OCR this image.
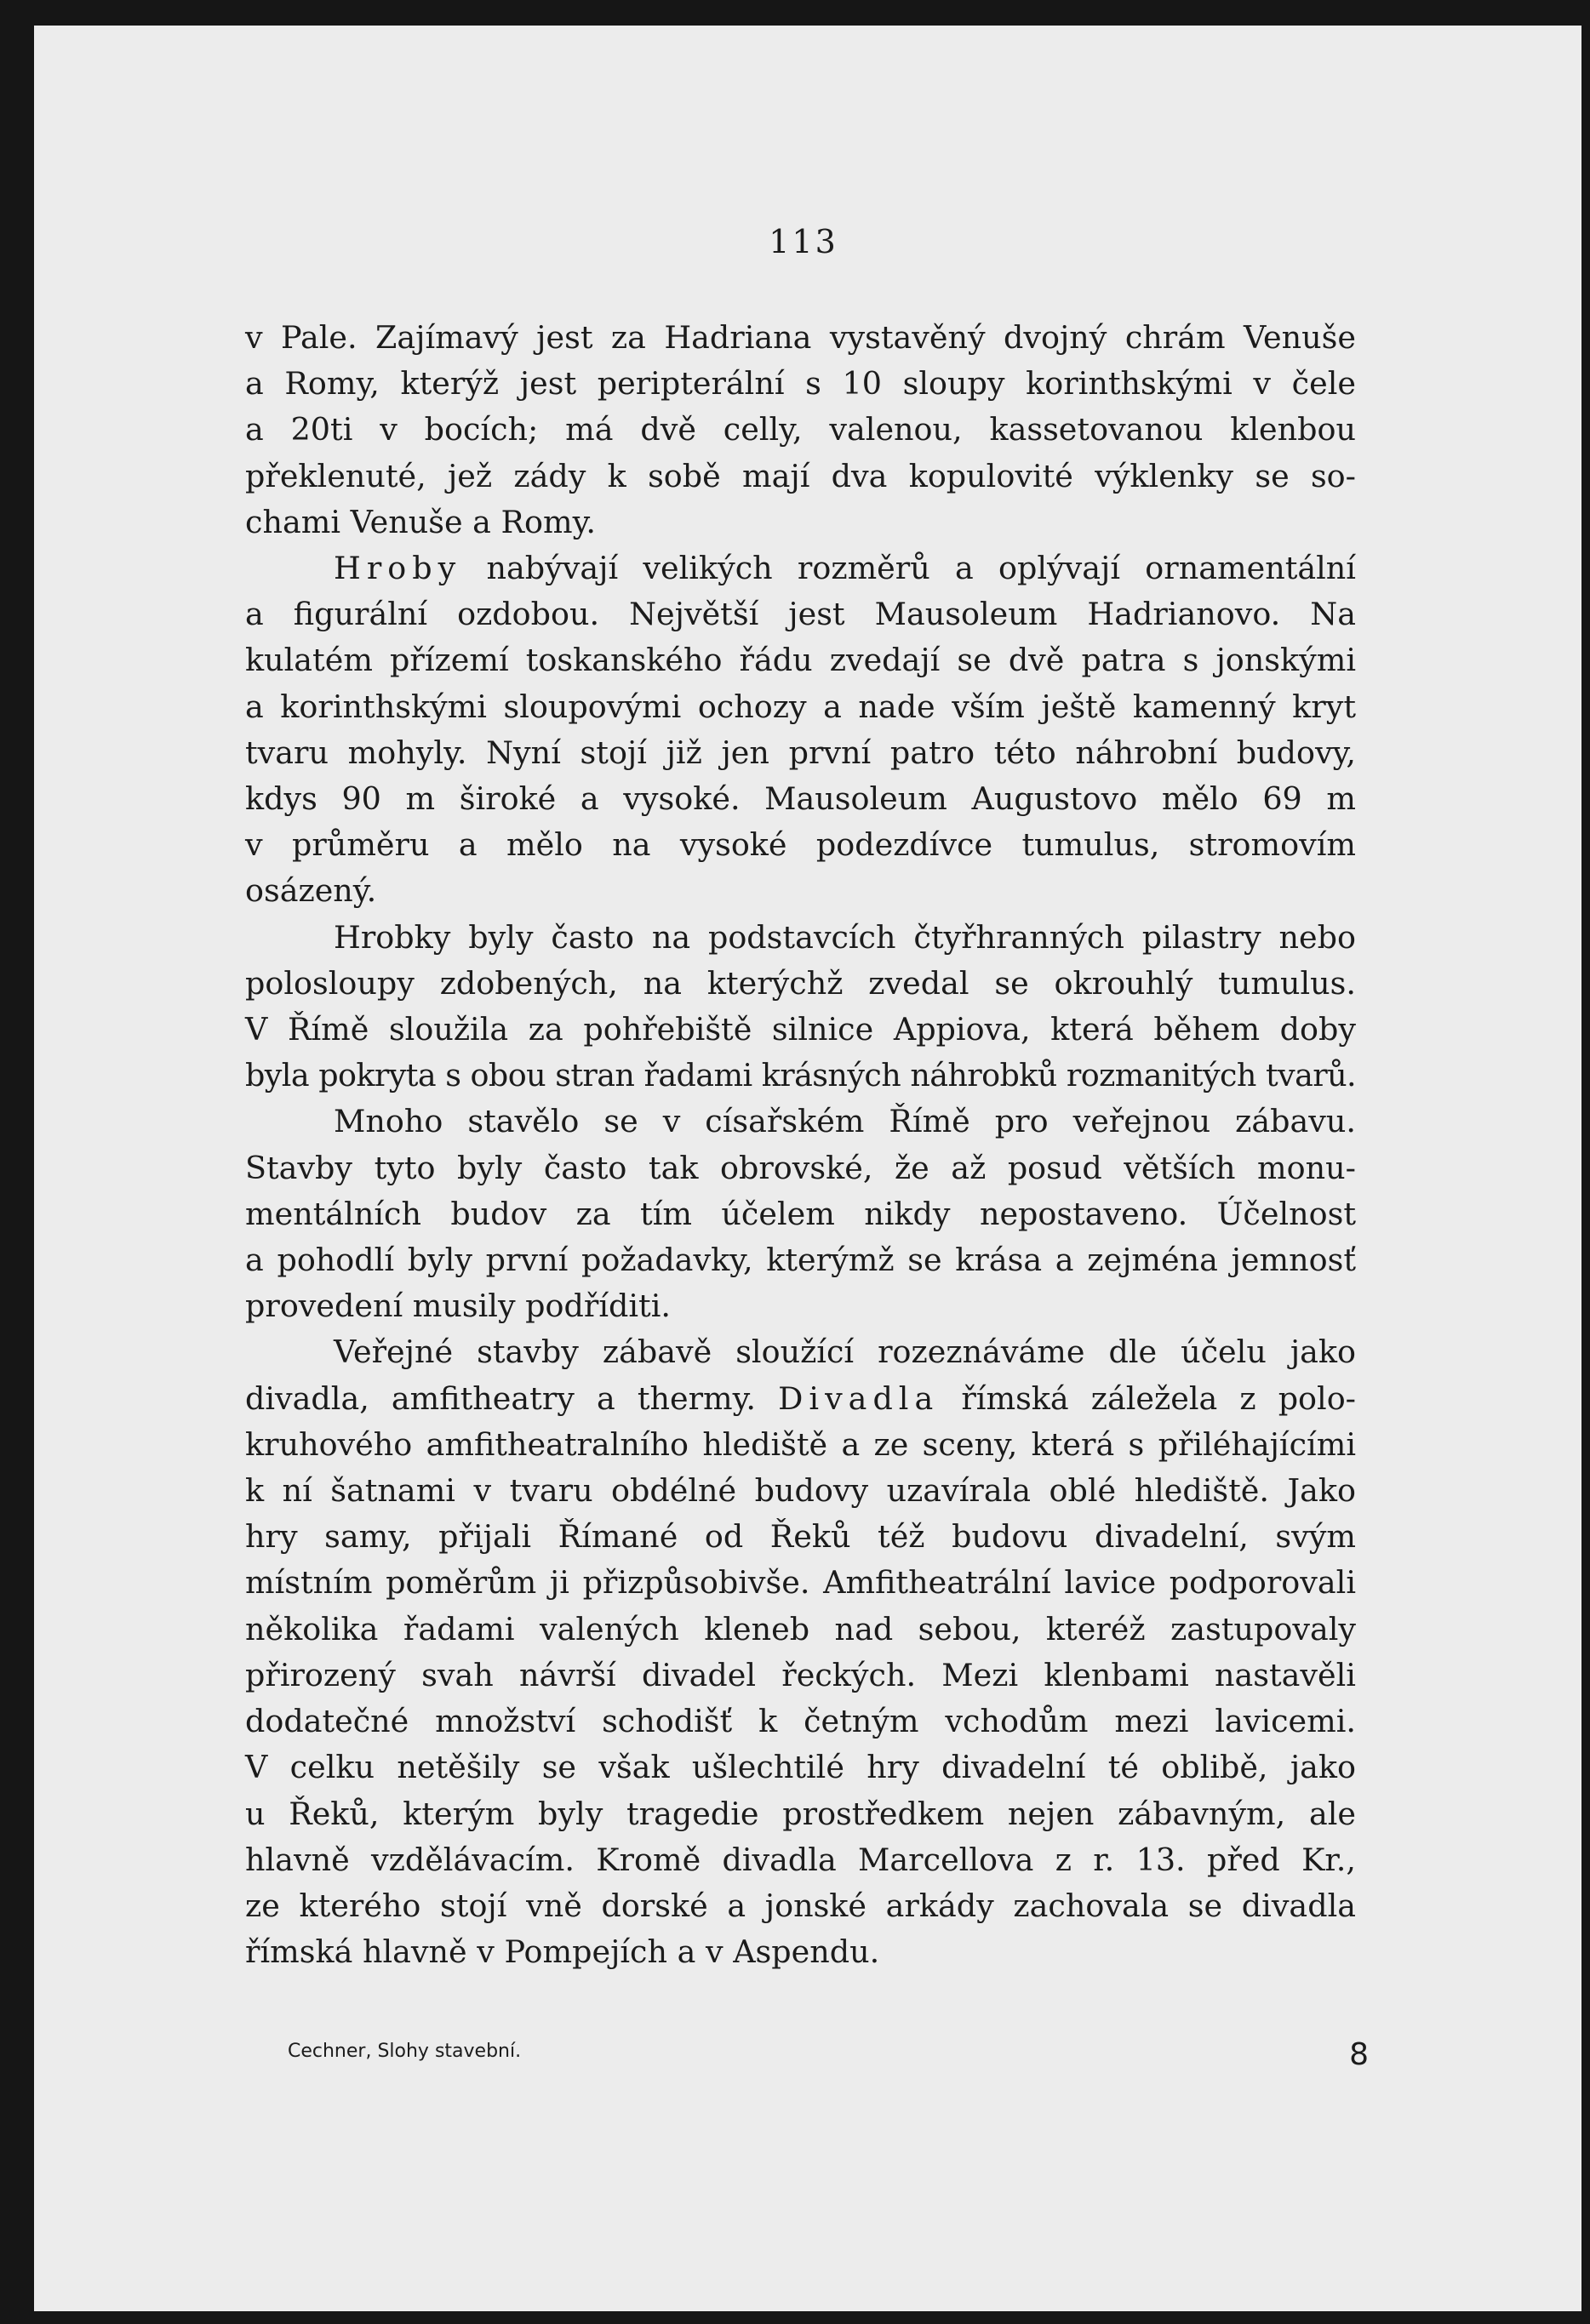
113
v Pale. Zajímavý jest za Hadriana vystavěný dvojný chrám Venuše
a Romy, kterýž jest peripterální s 10 sloupy korinthskými v čele
a 20ti v bocích; má dvě celly, valenou, kassetovanou klenbou
překlenuté, jež zády k sobě mají dva kopulovité výklenky se so-
chami Venuše a Romy.
Hroby nabývají velikých rozměrů a oplývají ornamentální
a figurální ozdobou. Největší jest Mausoleum Hadrianovo. Na
kulatém přízemí toskanského řádu zvedají se dvě patra s jonskými
a korinthskými sloupovými ochozy a nade vším ještě kamenný kryt
tvaru mohyly. Nyní stojí již jen první patro této náhrobní budovy,
kdys 90 m široké a vysoké. Mausoleum Augustovo mělo 69 m
v průměru a mělo na vysoké podezdívce tumulus, stromovím
osázený.
Hrobky byly často na podstavcích čtyřhranných pilastry nebo
polosloupy zdobených, na kterýchž zvedal se okrouhlý tumulus.
V Římě sloužila za pohřebiště silnice Appiova, která během doby
byla pokryta s obou stran řadami krásných náhrobků rozmanitých tvarů.
Mnoho stavělo se v císařském Římě pro veřejnou zábavu.
Stavby tyto byly často tak obrovské, že až posud větších monu-
mentálních budov za tím účelem nikdy nepostaveno. Účelnost
a pohodlí byly první požadavky, kterýmž se krása a zejména jemnosť
provedení musily podříditi.
Veřejné stavby zábavě sloužící rozeznáváme dle účelu jako
divadla, amfitheatry a thermy. Divadla římská záležela z polo-
kruhového amfitheatralního hlediště a ze sceny, která s přiléhajícími
k ní šatnami v tvaru obdélné budovy uzavírala oblé hlediště. Jako
hry samy, přijali Římané od Řeků též budovu divadelní, svým
místním poměrům ji přizpůsobivše. Amfitheatrální lavice podporovali
několika řadami valených kleneb nad sebou, kteréž zastupovaly
přirozený svah návrší divadel řeckých. Mezi klenbami nastavěli
dodatečné množství schodišť k četným vchodům mezi lavicemi.
V celku netěšily se však ušlechtilé hry divadelní té oblibě, jako
u Řeků, kterým byly tragedie prostředkem nejen zábavným, ale
hlavně vzdělávacím. Kromě divadla Marcellova z r. 13. před Kr.,
ze kterého stojí vně dorské a jonské arkády zachovala se divadla
římská hlavně v Pompejích a v Aspendu.
Cechner, Slohy stavební.	8
